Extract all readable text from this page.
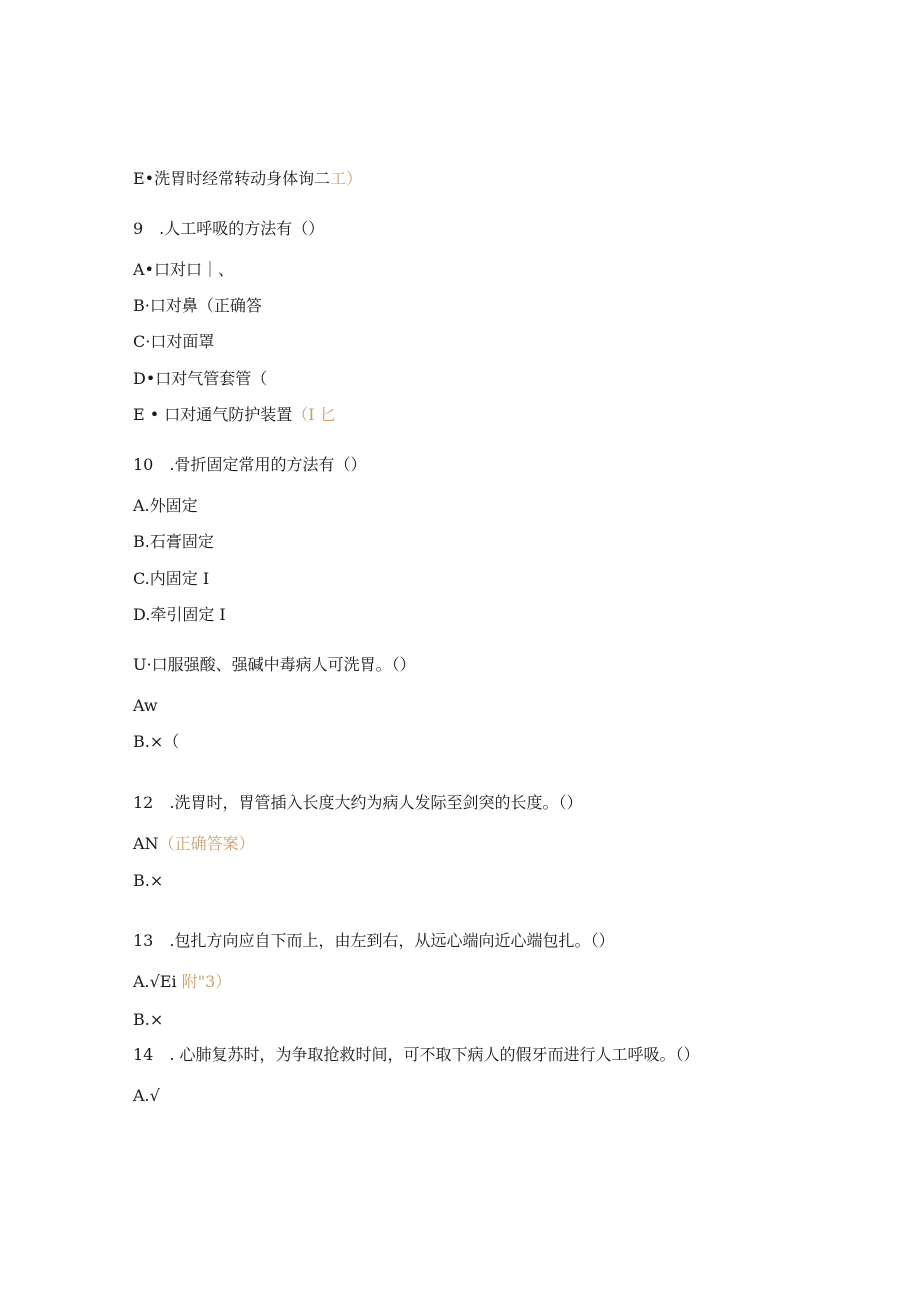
E•洗胃时经常转动身体询二工）
9　.人工呼吸的方法有（）
A•口对口｜、
B·口对鼻（正确答
C·口对面罩
D•口对气管套管（
E • 口对通气防护装置（I 匕
10　.骨折固定常用的方法有（）
A.外固定
B.石膏固定
C.内固定 I
D.牵引固定 I
U·口服强酸、强碱中毒病人可洗胃。（）
Aw
B.×（
12　.洗胃时，胃管插入长度大约为病人发际至剑突的长度。（）
AN（正确答案）
B.×
13　.包扎方向应自下而上，由左到右，从远心端向近心端包扎。（）
A.√Ei 附"3）
B.×
14　. 心肺复苏时，为争取抢救时间，可不取下病人的假牙而进行人工呼吸。（）
A.√
